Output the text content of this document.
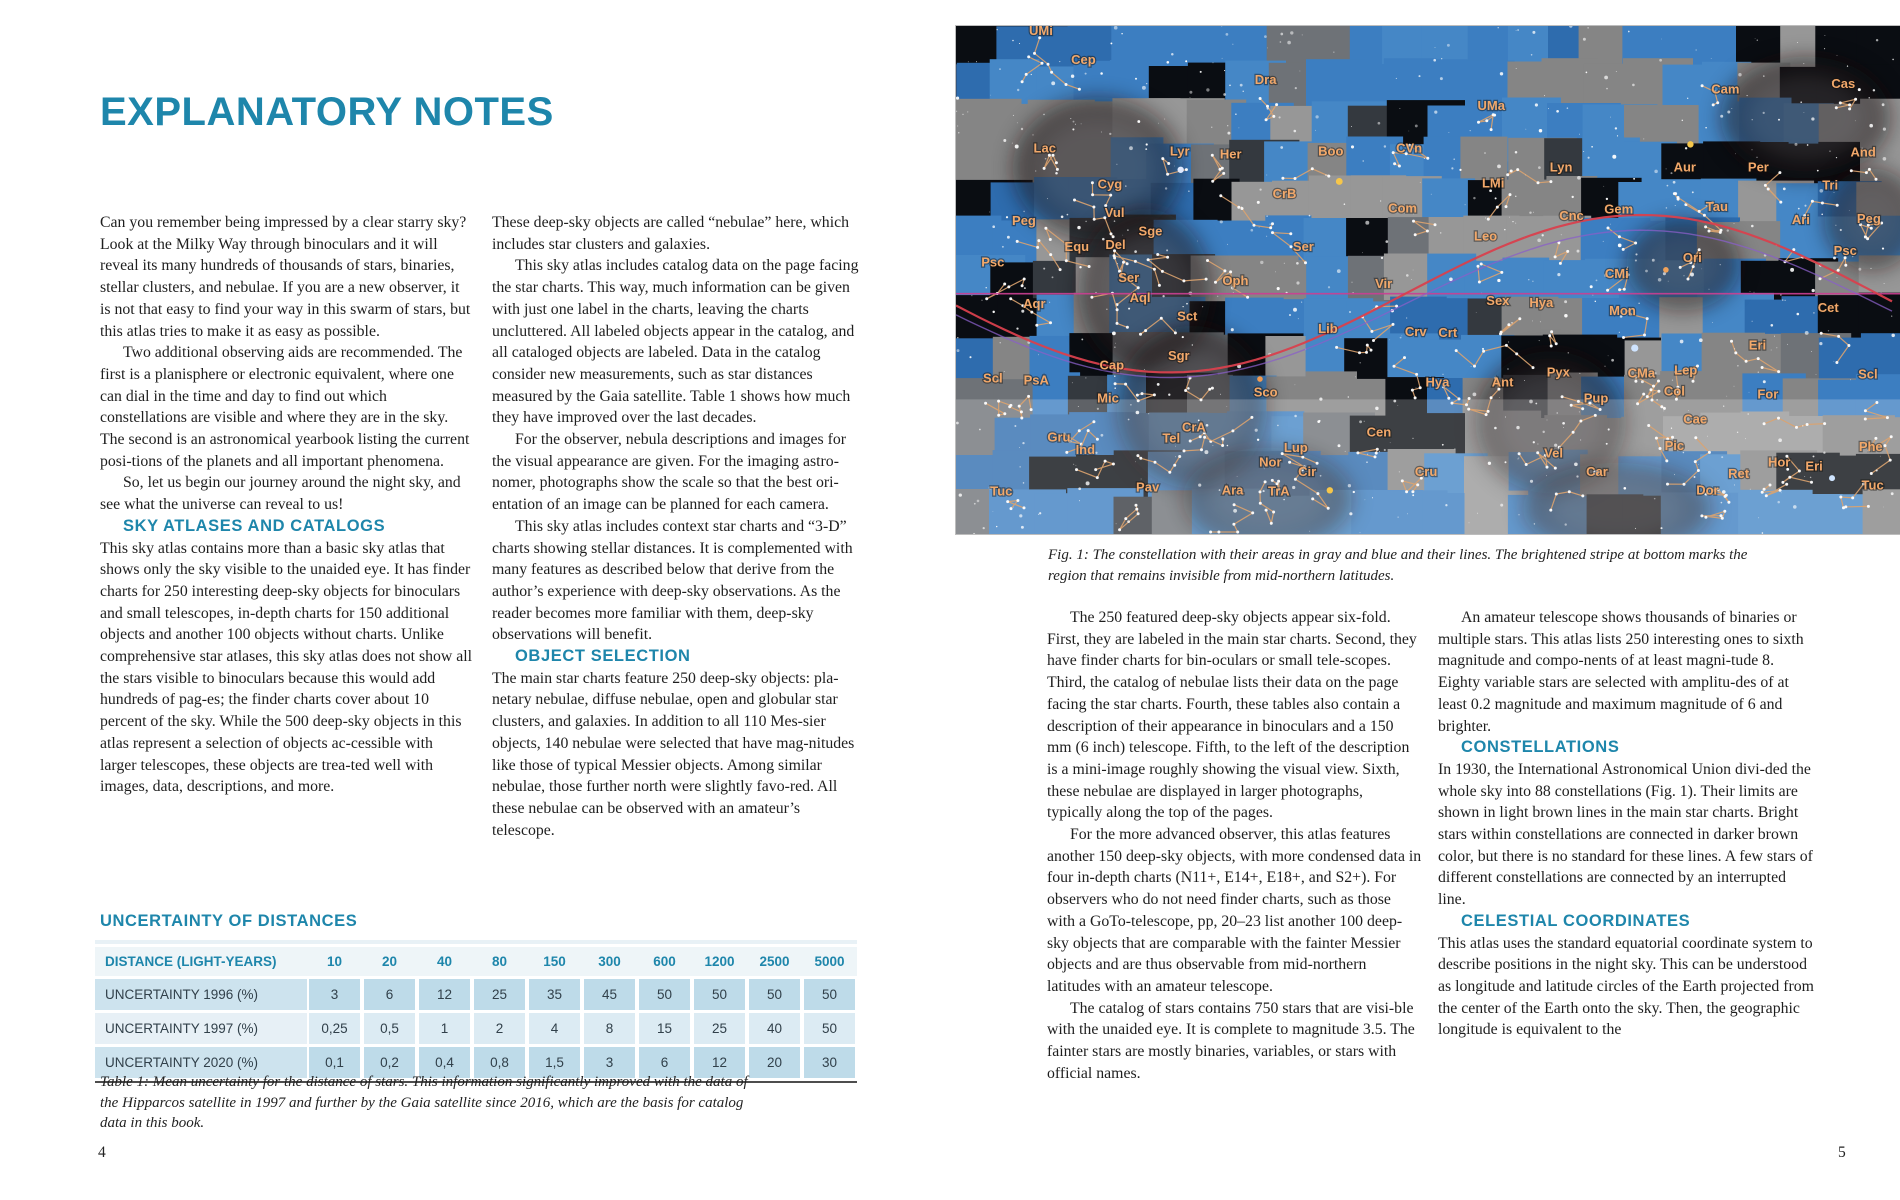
EXPLANATORY NOTES

Can you remember being impressed by a clear starry sky? Look at the Milky Way through binoculars and it will reveal its many hundreds of thousands of stars, binaries, stellar clusters, and nebulae. If you are a new observer, it is not that easy to find your way in this swarm of stars, but this atlas tries to make it as easy as possible.

Two additional observing aids are recommended. The first is a planisphere or electronic equivalent, where one can dial in the time and day to find out which constellations are visible and where they are in the sky. The second is an astronomical yearbook listing the current posi-tions of the planets and all important phenomena.

So, let us begin our journey around the night sky, and see what the universe can reveal to us!

SKY ATLASES AND CATALOGS

This sky atlas contains more than a basic sky atlas that shows only the sky visible to the unaided eye. It has finder charts for 250 interesting deep-sky objects for binoculars and small telescopes, in-depth charts for 150 additional objects and another 100 objects without charts. Unlike comprehensive star atlases, this sky atlas does not show all the stars visible to binoculars because this would add hundreds of pag-es; the finder charts cover about 10 percent of the sky. While the 500 deep-sky objects in this atlas represent a selection of objects ac-cessible with larger telescopes, these objects are trea-ted well with images, data, descriptions, and more.

These deep-sky objects are called “nebulae” here, which includes star clusters and galaxies.

This sky atlas includes catalog data on the page facing the star charts. This way, much information can be given with just one label in the charts, leaving the charts uncluttered. All labeled objects appear in the catalog, and all cataloged objects are labeled. Data in the catalog consider new measurements, such as star distances measured by the Gaia satellite. Table 1 shows how much they have improved over the last decades.

For the observer, nebula descriptions and images for the visual appearance are given. For the imaging astro-nomer, photographs show the scale so that the best ori-entation of an image can be planned for each camera.

This sky atlas includes context star charts and “3-D” charts showing stellar distances. It is complemented with many features as described below that derive from the author’s experience with deep-sky observations. As the reader becomes more familiar with them, deep-sky observations will benefit.

OBJECT SELECTION

The main star charts feature 250 deep-sky objects: pla-netary nebulae, diffuse nebulae, open and globular star clusters, and galaxies. In addition to all 110 Mes-sier objects, 140 nebulae were selected that have mag-nitudes like those of typical Messier objects. Among similar nebulae, those further north were slightly favo-red. All these nebulae can be observed with an amateur’s telescope.

UNCERTAINTY OF DISTANCES

DISTANCE (LIGHT-YEARS)	10	20	40	80	150	300	600	1200	2500	5000
UNCERTAINTY 1996 (%)	3	6	12	25	35	45	50	50	50	50
UNCERTAINTY 1997 (%)	0,25	0,5	1	2	4	8	15	25	40	50
UNCERTAINTY 2020 (%)	0,1	0,2	0,4	0,8	1,5	3	6	12	20	30

Table 1: Mean uncertainty for the distance of stars. This information significantly improved with the data of the Hipparcos satellite in 1997 and further by the Gaia satellite since 2016, which are the basis for catalog data in this book.

4
UMi
Cep
Dra
Cam	Cas
Lac	Lyr Her	Boo	CVn
UMa
Lyn
Cyg
CrB
Com
Peg
Vul
Sge
Equ Del
Psc
Ser
LMi
Leo
Cnc Gem	Tau
Aur	Per
And
Tri
Ari	Peg
Psc
Ori
CMi
Oph
Ser	Vir
Sex Hya
Mon
Lib	Crv Crt
Aqr	Aql
Sct
Cap
Sgr
Scl PsA
Mic	Sco
CrA
Tel
Gru
Ind	Lup
Nor
Cir
Cen
Tuc	Pav	Ara TrA
Cru
Hya	Ant
Pyx
Pup
CMa Lep
Col
Eri
Cet
Scl
For
Cae
Vel
Car
Pic
Dor
Ret
Hor Eri
Phe
Tuc

Fig. 1: The constellation with their areas in gray and blue and their lines. The brightened stripe at bottom marks the region that remains invisible from mid-northern latitudes.

The 250 featured deep-sky objects appear six-fold. First, they are labeled in the main star charts. Second, they have finder charts for bin-oculars or small tele-scopes. Third, the catalog of nebulae lists their data on the page facing the star charts. Fourth, these tables also contain a description of their appearance in binoculars and a 150 mm (6 inch) telescope. Fifth, to the left of the description is a mini-image roughly showing the visual view. Sixth, these nebulae are displayed in larger photographs, typically along the top of the pages.

For the more advanced observer, this atlas features another 150 deep-sky objects, with more condensed data in four in-depth charts (N11+, E14+, E18+, and S2+). For observers who do not need finder charts, such as those with a GoTo-telescope, pp, 20–23 list another 100 deep-sky objects that are comparable with the fainter Messier objects and are thus observable from mid-northern latitudes with an amateur telescope.

The catalog of stars contains 750 stars that are visi-ble with the unaided eye. It is complete to magnitude 3.5. The fainter stars are mostly binaries, variables, or stars with official names.

An amateur telescope shows thousands of binaries or multiple stars. This atlas lists 250 interesting ones to sixth magnitude and compo-nents of at least magni-tude 8. Eighty variable stars are selected with amplitu-des of at least 0.2 magnitude and maximum magnitude of 6 and brighter.

CONSTELLATIONS

In 1930, the International Astronomical Union divi-ded the whole sky into 88 constellations (Fig. 1). Their limits are shown in light brown lines in the main star charts. Bright stars within constellations are connected in darker brown color, but there is no standard for these lines. A few stars of different constellations are connected by an interrupted line.

CELESTIAL COORDINATES

This atlas uses the standard equatorial coordinate system to describe positions in the night sky. This can be understood as longitude and latitude circles of the Earth projected from the center of the Earth onto the sky. Then, the geographic longitude is equivalent to the

5
